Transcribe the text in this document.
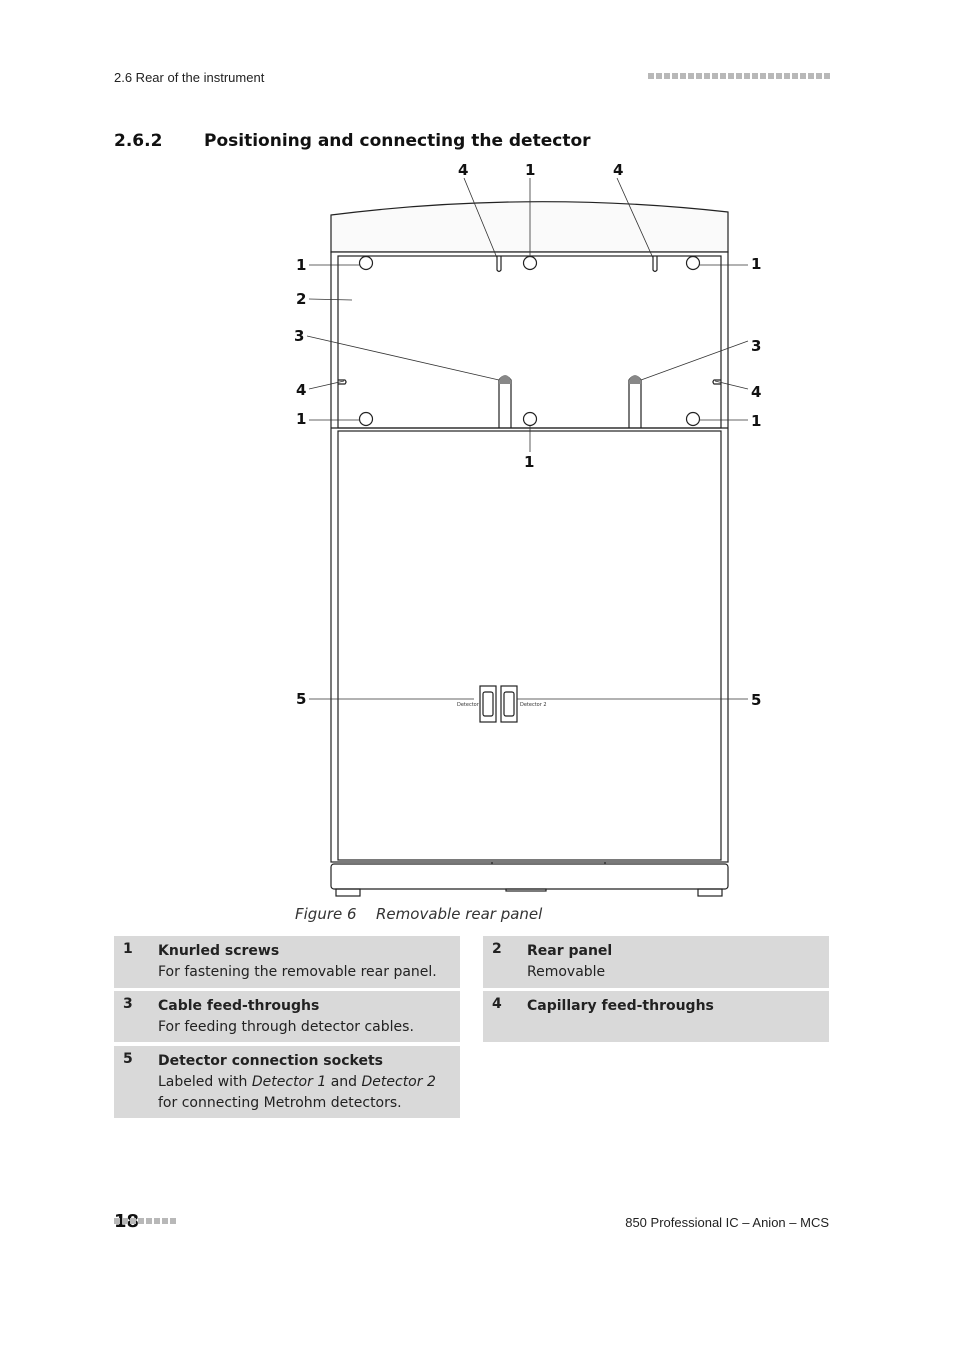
2.6 Rear of the instrument
2.6.2 Positioning and connecting the detector
4	1	4
1	1
2
3
3
4	4
1	1
1
5	5
Detector	Detector 2
Figure 6 Removable rear panel
1 Knurled screws
For fastening the removable rear panel.
2 Rear panel
Removable
3 Cable feed-throughs
For feeding through detector cables.
4 Capillary feed-throughs
5 Detector connection sockets
Labeled with Detector 1 and Detector 2 for connecting Metrohm detectors.
850 Professional IC – Anion – MCS
